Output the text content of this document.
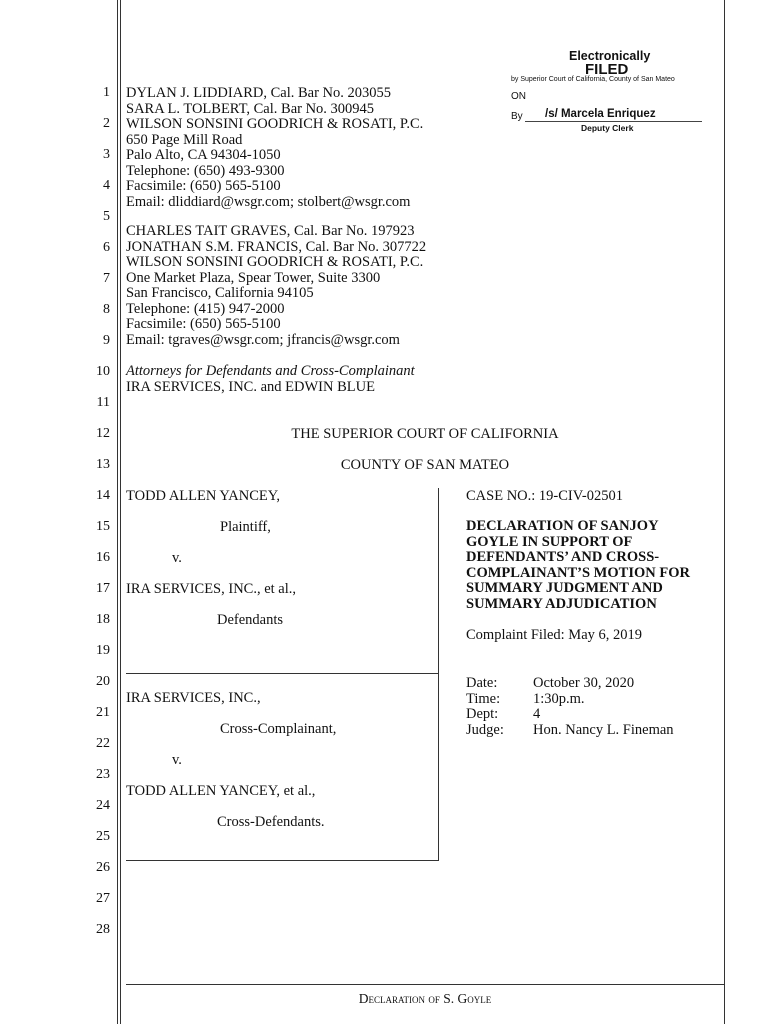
1
2
3
4
5
6
7
8
9
10
11
12
13
14
15
16
17
18
19
20
21
22
23
24
25
26
27
28
Electronically
FILED
by Superior Court of California, County of San Mateo
ON
By /s/ Marcela Enriquez
Deputy Clerk
DYLAN J. LIDDIARD, Cal. Bar No. 203055
SARA L. TOLBERT, Cal. Bar No. 300945
WILSON SONSINI GOODRICH & ROSATI, P.C.
650 Page Mill Road
Palo Alto, CA 94304-1050
Telephone: (650) 493-9300
Facsimile: (650) 565-5100
Email: dliddiard@wsgr.com; stolbert@wsgr.com
CHARLES TAIT GRAVES, Cal. Bar No. 197923
JONATHAN S.M. FRANCIS, Cal. Bar No. 307722
WILSON SONSINI GOODRICH & ROSATI, P.C.
One Market Plaza, Spear Tower, Suite 3300
San Francisco, California 94105
Telephone: (415) 947-2000
Facsimile: (650) 565-5100
Email: tgraves@wsgr.com; jfrancis@wsgr.com
Attorneys for Defendants and Cross-Complainant
IRA SERVICES, INC. and EDWIN BLUE
THE SUPERIOR COURT OF CALIFORNIA
COUNTY OF SAN MATEO
TODD ALLEN YANCEY,
Plaintiff,
v.
IRA SERVICES, INC., et al.,
Defendants
IRA SERVICES, INC.,
Cross-Complainant,
v.
TODD ALLEN YANCEY, et al.,
Cross-Defendants.
CASE NO.: 19-CIV-02501
DECLARATION OF SANJOY
GOYLE IN SUPPORT OF
DEFENDANTS’ AND CROSS-
COMPLAINANT’S MOTION FOR
SUMMARY JUDGMENT AND
SUMMARY ADJUDICATION
Complaint Filed: May 6, 2019
Date: October 30, 2020
Time: 1:30p.m.
Dept: 4
Judge: Hon. Nancy L. Fineman
Declaration of S. Goyle
